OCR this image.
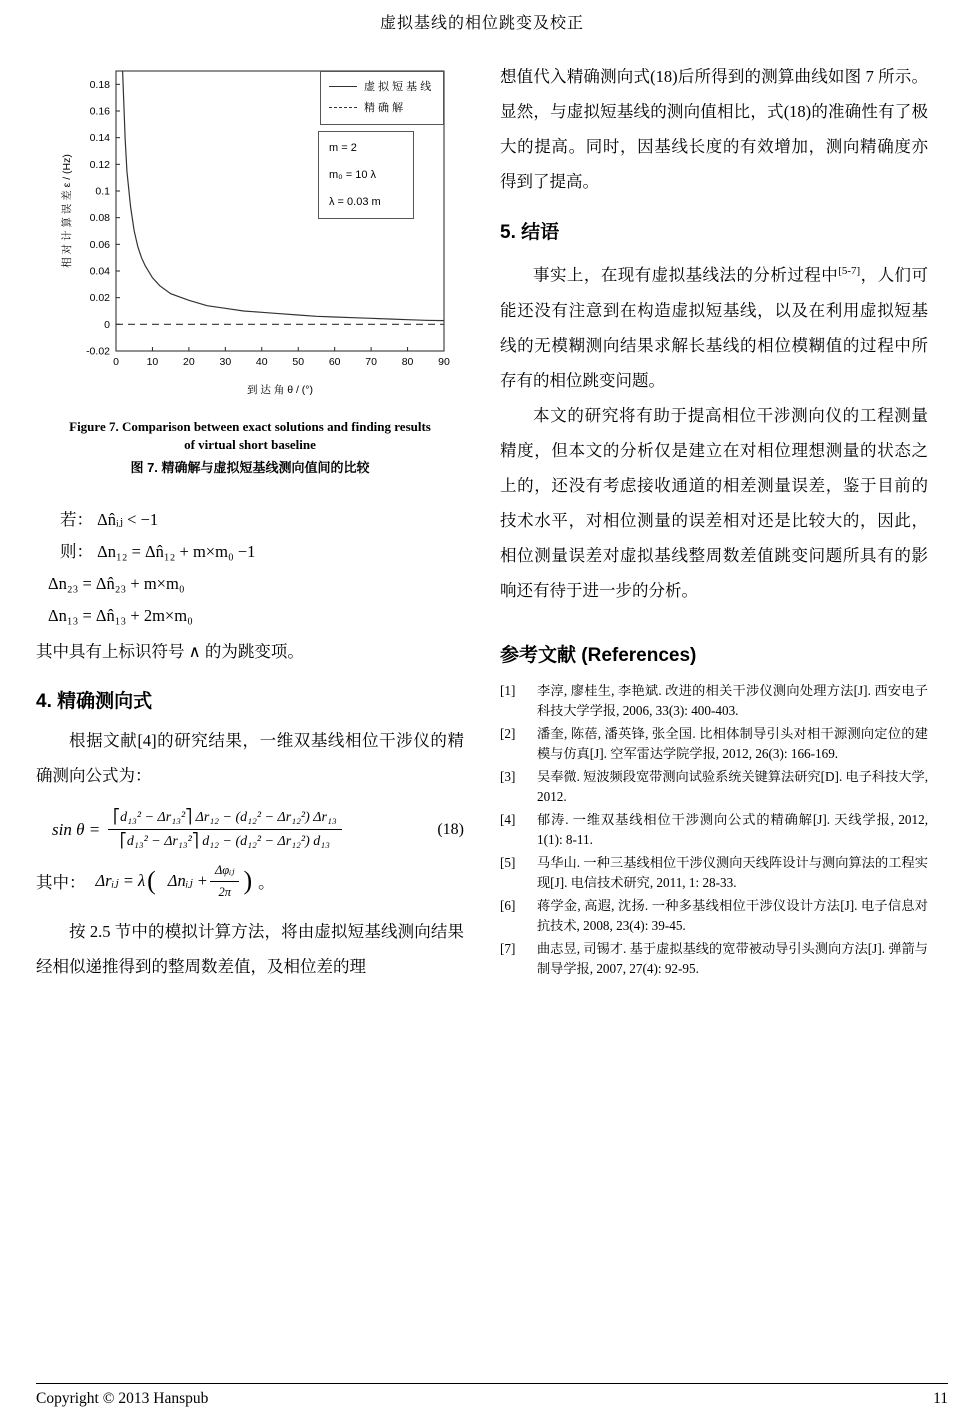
虚拟基线的相位跳变及校正
0	10 20 30 40 50 60 70 80 90
-0.02
0
0.02
0.04
0.06
0.08
0.1
0.12
0.14
0.16
0.18
到 达 角 θ / (°)
相 对 计 算 误 差 ε / (Hz)
虚 拟 短 基 线
精 确 解
m = 2
m₀ = 10 λ
λ = 0.03 m
Figure 7. Comparison between exact solutions and finding results
of virtual short baseline
图 7. 精确解与虚拟短基线测向值间的比较
若： Δn̂ᵢⱼ < −1
则： Δn₁₂ = Δn̂₁₂ + m×m₀ −1
Δn₂₃ = Δn̂₂₃ + m×m₀
Δn₁₃ = Δn̂₁₃ + 2m×m₀
其中具有上标识符号 ∧ 的为跳变项。
4. 精确测向式

根据文献[4]的研究结果，一维双基线相位干涉仪的精确测向公式为：

$\sin \theta = \frac{\text{⎡d₁₃² − Δr₁₃²⎤ Δr₁₂ − (d₁₂² − Δr₁₂²) Δr₁₃}}{\text{⎡d₁₃² − Δr₁₃²⎤ d₁₂ − (d₁₂² − Δr₁₂²) d₁₃}}$	(18)
其中： Δrᵢⱼ = λ ( Δnᵢⱼ + $\frac{\text{Δφᵢⱼ}}{2\pi}$ ) 。

按 2.5 节中的模拟计算方法，将由虚拟短基线测向结果经相似递推得到的整周数差值，及相位差的理

想值代入精确测向式(18)后所得到的测算曲线如图 7 所示。显然，与虚拟短基线的测向值相比，式(18)的准确性有了极大的提高。同时，因基线长度的有效增加，测向精确度亦得到了提高。

5. 结语

事实上，在现有虚拟基线法的分析过程中[5-7]，人们可能还没有注意到在构造虚拟短基线，以及在利用虚拟短基线的无模糊测向结果求解长基线的相位模糊值的过程中所存有的相位跳变问题。

本文的研究将有助于提高相位干涉测向仪的工程测量精度，但本文的分析仅是建立在对相位理想测量的状态之上的，还没有考虑接收通道的相差测量误差，鉴于目前的技术水平，对相位测量的误差相对还是比较大的，因此，相位测量误差对虚拟基线整周数差值跳变问题所具有的影响还有待于进一步的分析。

参考文献 (References)
[1]	李淳, 廖桂生, 李艳斌. 改进的相关干涉仪测向处理方法[J]. 西安电子科技大学学报, 2006, 33(3): 400-403.
[2]	潘奎, 陈蓓, 潘英锋, 张全国. 比相体制导引头对相干源测向定位的建模与仿真[J]. 空军雷达学院学报, 2012, 26(3): 166-169.
[3]	吴奉微. 短波频段宽带测向试验系统关键算法研究[D]. 电子科技大学, 2012.
[4]	郁涛. 一维双基线相位干涉测向公式的精确解[J]. 天线学报, 2012, 1(1): 8-11.
[5]	马华山. 一种三基线相位干涉仪测向天线阵设计与测向算法的工程实现[J]. 电信技术研究, 2011, 1: 28-33.
[6]	蒋学金, 高遐, 沈扬. 一种多基线相位干涉仪设计方法[J]. 电子信息对抗技术, 2008, 23(4): 39-45.
[7]	曲志昱, 司锡才. 基于虚拟基线的宽带被动导引头测向方法[J]. 弹箭与制导学报, 2007, 27(4): 92-95.
Copyright © 2013 Hanspub	11
